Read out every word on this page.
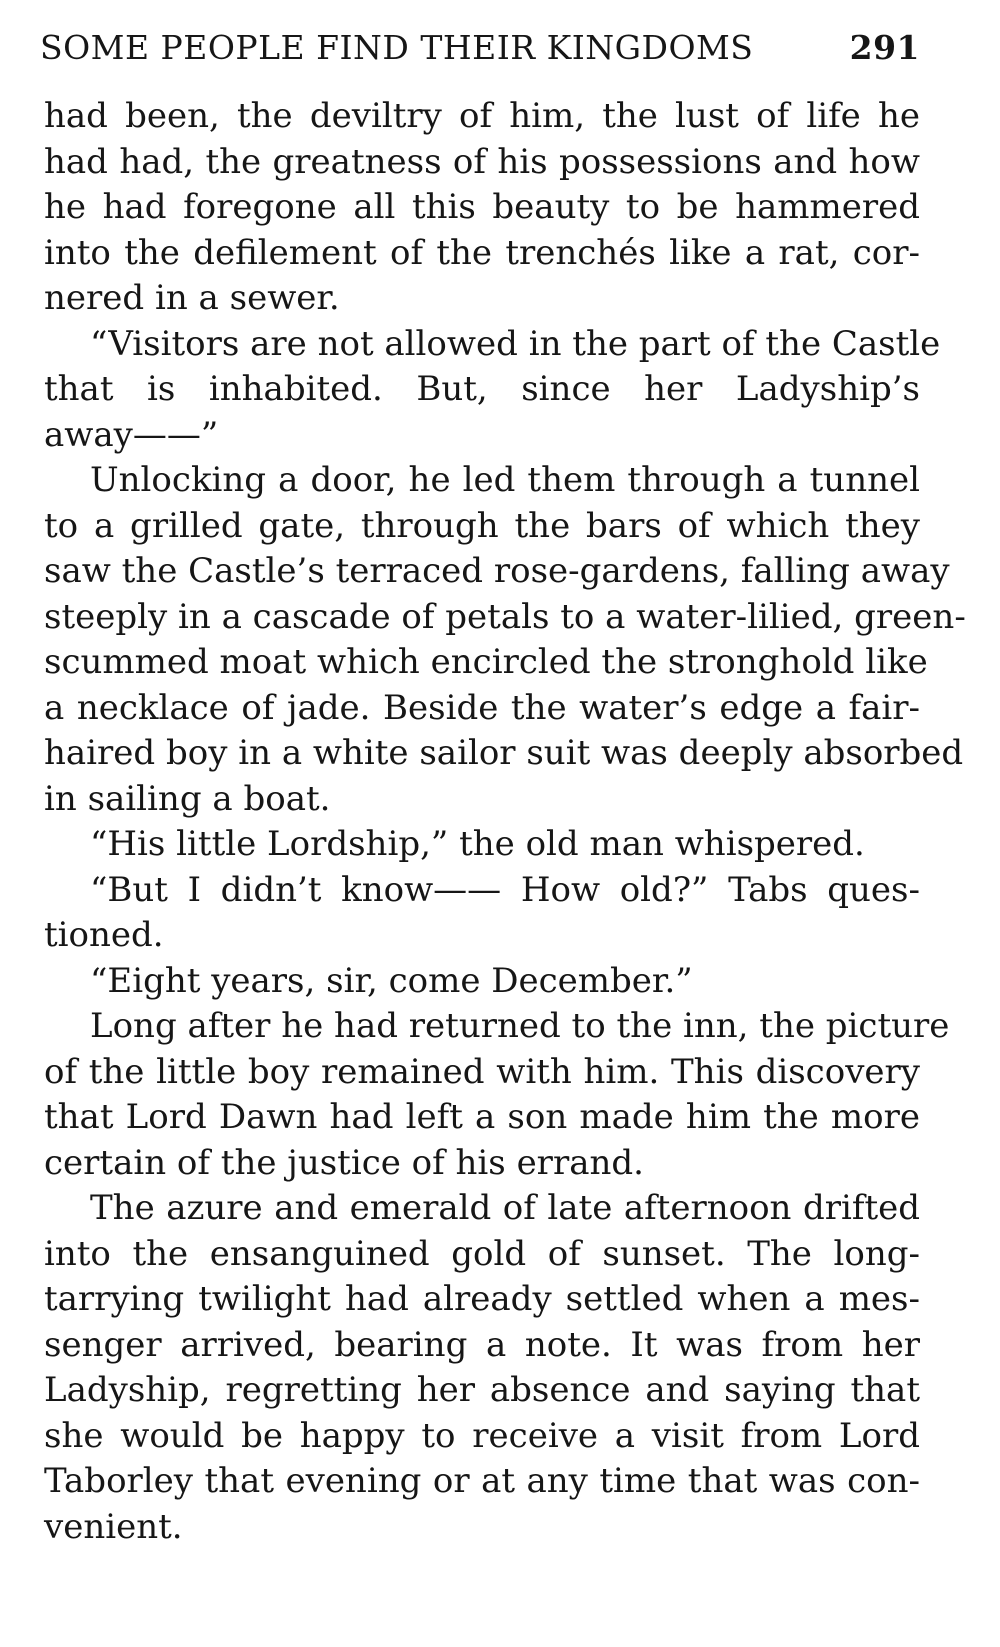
SOME PEOPLE FIND THEIR KINGDOMS	291
had been, the deviltry of him, the lust of life he
had had, the greatness of his possessions and how
he had foregone all this beauty to be hammered
into the defilement of the trenchés like a rat, cor-
nered in a sewer.
“Visitors are not allowed in the part of the Castle
that is inhabited. But, since her Ladyship’s
away——”
Unlocking a door, he led them through a tunnel
to a grilled gate, through the bars of which they
saw the Castle’s terraced rose-gardens, falling away
steeply in a cascade of petals to a water-lilied, green-
scummed moat which encircled the stronghold like
a necklace of jade. Beside the water’s edge a fair-
haired boy in a white sailor suit was deeply absorbed
in sailing a boat.
“His little Lordship,” the old man whispered.
“But I didn’t know—— How old?” Tabs ques-
tioned.
“Eight years, sir, come December.”
Long after he had returned to the inn, the picture
of the little boy remained with him. This discovery
that Lord Dawn had left a son made him the more
certain of the justice of his errand.
The azure and emerald of late afternoon drifted
into the ensanguined gold of sunset. The long-
tarrying twilight had already settled when a mes-
senger arrived, bearing a note. It was from her
Ladyship, regretting her absence and saying that
she would be happy to receive a visit from Lord
Taborley that evening or at any time that was con-
venient.
